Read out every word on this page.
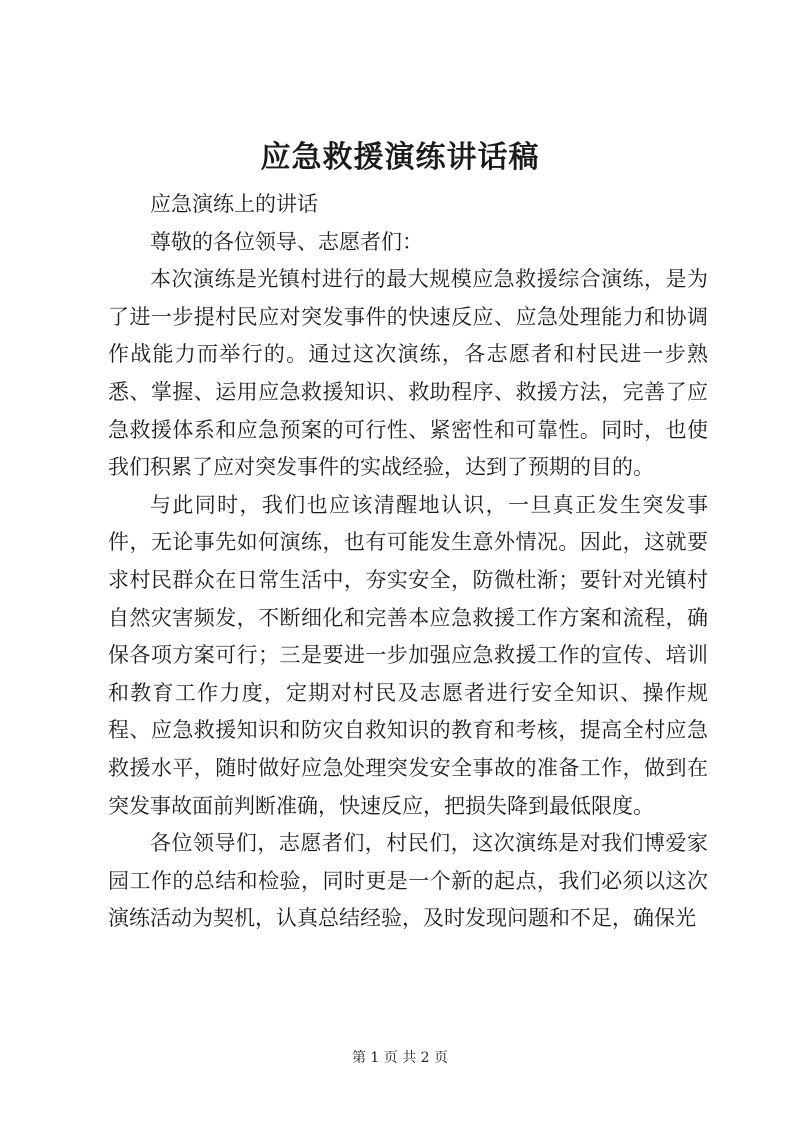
应急救援演练讲话稿

应急演练上的讲话

尊敬的各位领导、志愿者们：

本次演练是光镇村进行的最大规模应急救援综合演练，是为了进一步提村民应对突发事件的快速反应、应急处理能力和协调作战能力而举行的。通过这次演练，各志愿者和村民进一步熟悉、掌握、运用应急救援知识、救助程序、救援方法，完善了应急救援体系和应急预案的可行性、紧密性和可靠性。同时，也使我们积累了应对突发事件的实战经验，达到了预期的目的。

与此同时，我们也应该清醒地认识，一旦真正发生突发事件，无论事先如何演练，也有可能发生意外情况。因此，这就要求村民群众在日常生活中，夯实安全，防微杜渐；要针对光镇村自然灾害频发，不断细化和完善本应急救援工作方案和流程，确保各项方案可行；三是要进一步加强应急救援工作的宣传、培训和教育工作力度，定期对村民及志愿者进行安全知识、操作规程、应急救援知识和防灾自救知识的教育和考核，提高全村应急救援水平，随时做好应急处理突发安全事故的准备工作，做到在突发事故面前判断准确，快速反应，把损失降到最低限度。

各位领导们，志愿者们，村民们，这次演练是对我们博爱家园工作的总结和检验，同时更是一个新的起点，我们必须以这次演练活动为契机，认真总结经验，及时发现问题和不足，确保光

第 1 页 共 2 页
